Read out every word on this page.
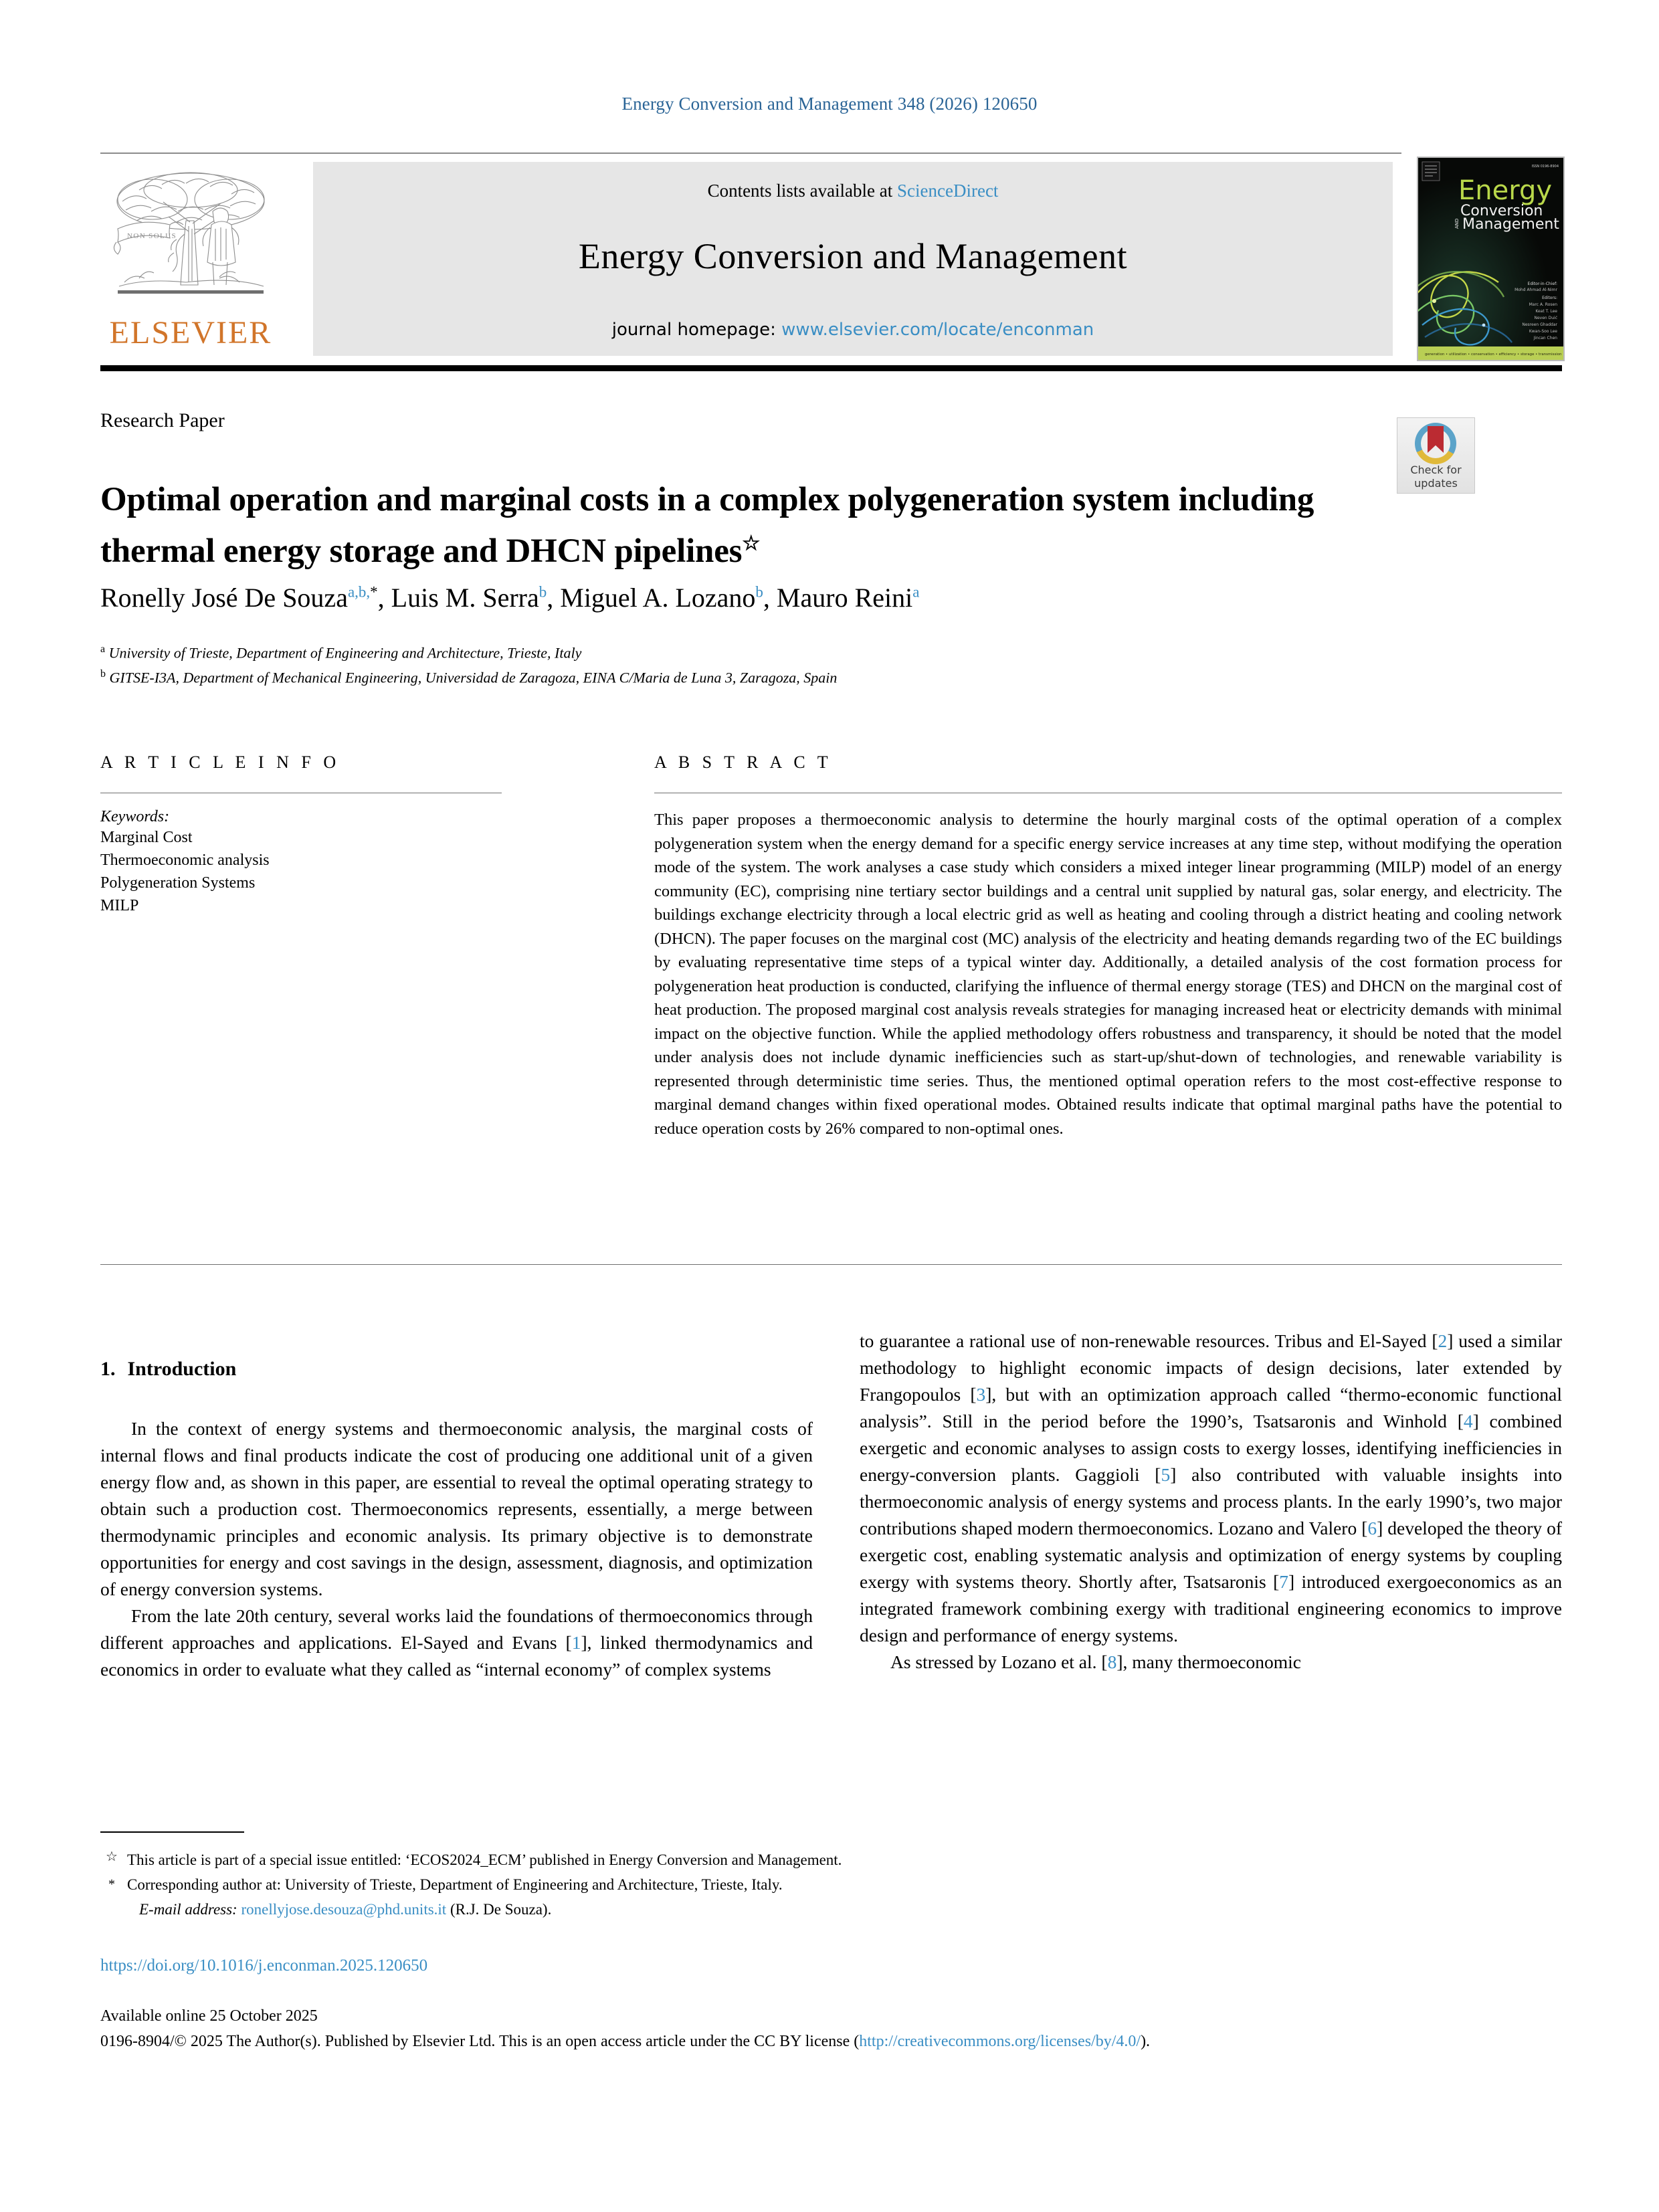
Energy Conversion and Management 348 (2026) 120650
NON SOLUS
ELSEVIER
Contents lists available at ScienceDirect
Energy Conversion and Management
journal homepage: www.elsevier.com/locate/enconman
ISSN 0196-8904
Energy
Conversion
AND Management
Editor-in-Chief:
Mohd Ahmad Al-Nimr
Editors:
Marc A. Rosen
Keat T. Lee
Neven Duić
Nesreen Ghaddar
Kwan-Soo Lee
Jincan Chen
generation • utilization • conservation • efficiency • storage • transmission
Research Paper
Check for
updates
Optimal operation and marginal costs in a complex polygeneration system including thermal energy storage and DHCN pipelines☆
Ronelly José De Souza$^{a,b,*}$, Luis M. Serra$^b$, Miguel A. Lozano$^b$, Mauro Reini$^a$
$^a$ University of Trieste, Department of Engineering and Architecture, Trieste, Italy
$^b$ GITSE-I3A, Department of Mechanical Engineering, Universidad de Zaragoza, EINA C/Maria de Luna 3, Zaragoza, Spain
A R T I C L E I N F O
Keywords:
Marginal Cost
Thermoeconomic analysis
Polygeneration Systems
MILP
A B S T R A C T
This paper proposes a thermoeconomic analysis to determine the hourly marginal costs of the optimal operation of a complex polygeneration system when the energy demand for a specific energy service increases at any time step, without modifying the operation mode of the system. The work analyses a case study which considers a mixed integer linear programming (MILP) model of an energy community (EC), comprising nine tertiary sector buildings and a central unit supplied by natural gas, solar energy, and electricity. The buildings exchange electricity through a local electric grid as well as heating and cooling through a district heating and cooling network (DHCN). The paper focuses on the marginal cost (MC) analysis of the electricity and heating demands regarding two of the EC buildings by evaluating representative time steps of a typical winter day. Additionally, a detailed analysis of the cost formation process for polygeneration heat production is conducted, clarifying the influence of thermal energy storage (TES) and DHCN on the marginal cost of heat production. The proposed marginal cost analysis reveals strategies for managing increased heat or electricity demands with minimal impact on the objective function. While the applied methodology offers robustness and transparency, it should be noted that the model under analysis does not include dynamic inefficiencies such as start-up/shut-down of technologies, and renewable variability is represented through deterministic time series. Thus, the mentioned optimal operation refers to the most cost-effective response to marginal demand changes within fixed operational modes. Obtained results indicate that optimal marginal paths have the potential to reduce operation costs by 26% compared to non-optimal ones.
1. Introduction

In the context of energy systems and thermoeconomic analysis, the marginal costs of internal flows and final products indicate the cost of producing one additional unit of a given energy flow and, as shown in this paper, are essential to reveal the optimal operating strategy to obtain such a production cost. Thermoeconomics represents, essentially, a merge between thermodynamic principles and economic analysis. Its primary objective is to demonstrate opportunities for energy and cost savings in the design, assessment, diagnosis, and optimization of energy conversion systems.

From the late 20th century, several works laid the foundations of thermoeconomics through different approaches and applications. El-Sayed and Evans [1], linked thermodynamics and economics in order to evaluate what they called as “internal economy” of complex systems

to guarantee a rational use of non-renewable resources. Tribus and El-Sayed [2] used a similar methodology to highlight economic impacts of design decisions, later extended by Frangopoulos [3], but with an optimization approach called “thermo-economic functional analysis”. Still in the period before the 1990’s, Tsatsaronis and Winhold [4] combined exergetic and economic analyses to assign costs to exergy losses, identifying inefficiencies in energy-conversion plants. Gaggioli [5] also contributed with valuable insights into thermoeconomic analysis of energy systems and process plants. In the early 1990’s, two major contributions shaped modern thermoeconomics. Lozano and Valero [6] developed the theory of exergetic cost, enabling systematic analysis and optimization of energy systems by coupling exergy with systems theory. Shortly after, Tsatsaronis [7] introduced exergoeconomics as an integrated framework combining exergy with traditional engineering economics to improve design and performance of energy systems.

As stressed by Lozano et al. [8], many thermoeconomic

☆ This article is part of a special issue entitled: ‘ECOS2024_ECM’ published in Energy Conversion and Management.
* Corresponding author at: University of Trieste, Department of Engineering and Architecture, Trieste, Italy.
E-mail address: ronellyjose.desouza@phd.units.it (R.J. De Souza).
https://doi.org/10.1016/j.enconman.2025.120650
Available online 25 October 2025
0196-8904/© 2025 The Author(s). Published by Elsevier Ltd. This is an open access article under the CC BY license (http://creativecommons.org/licenses/by/4.0/).
